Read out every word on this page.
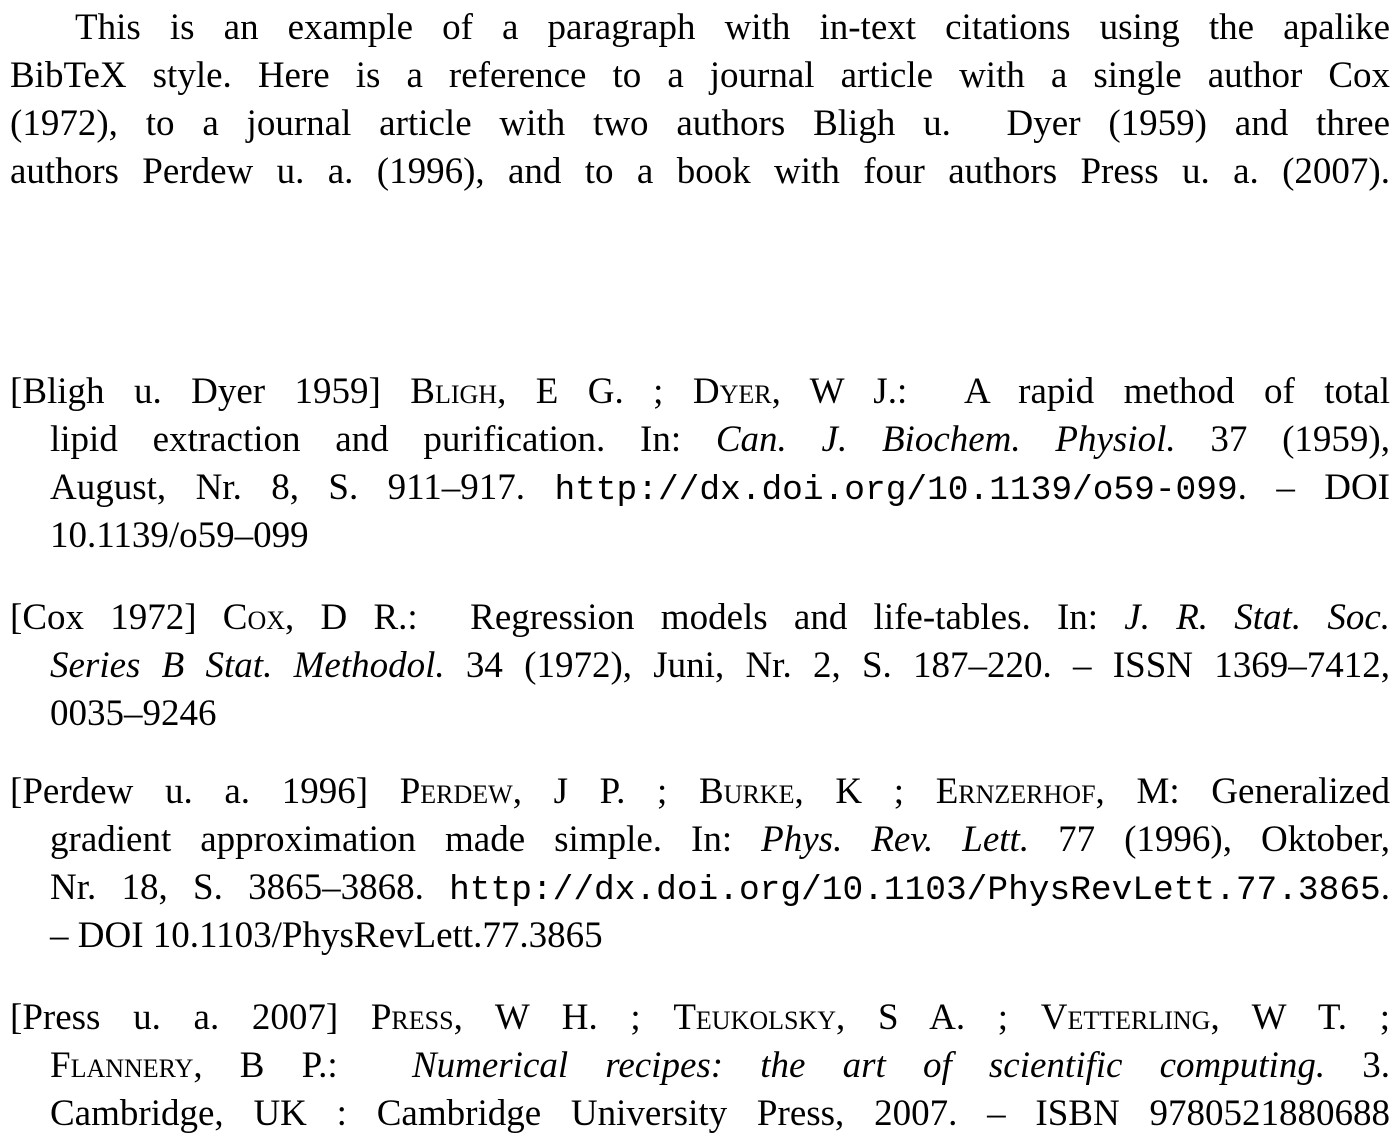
This is an example of a paragraph with in-text citations using the apalike
BibTeX style. Here is a reference to a journal article with a single author Cox
(1972), to a journal article with two authors Bligh u.  Dyer (1959) and three
authors Perdew u. a. (1996), and to a book with four authors Press u. a. (2007).
[Bligh u. Dyer 1959] Bligh, E G. ; Dyer, W J.:  A rapid method of total
lipid extraction and purification. In: Can. J. Biochem. Physiol. 37 (1959),
August, Nr. 8, S. 911–917. http://dx.doi.org/10.1139/o59-099. – DOI
10.1139/o59–099
[Cox 1972] Cox, D R.:  Regression models and life-tables. In: J. R. Stat. Soc.
Series B Stat. Methodol. 34 (1972), Juni, Nr. 2, S. 187–220. – ISSN 1369–7412,
0035–9246
[Perdew u. a. 1996] Perdew, J P. ; Burke, K ; Ernzerhof, M: Generalized
gradient approximation made simple. In: Phys. Rev. Lett. 77 (1996), Oktober,
Nr. 18, S. 3865–3868. http://dx.doi.org/10.1103/PhysRevLett.77.3865.
– DOI 10.1103/PhysRevLett.77.3865
[Press u. a. 2007] Press, W H. ; Teukolsky, S A. ; Vetterling, W T. ;
Flannery, B P.:  Numerical recipes: the art of scientific computing. 3.
Cambridge, UK : Cambridge University Press, 2007. – ISBN 9780521880688
